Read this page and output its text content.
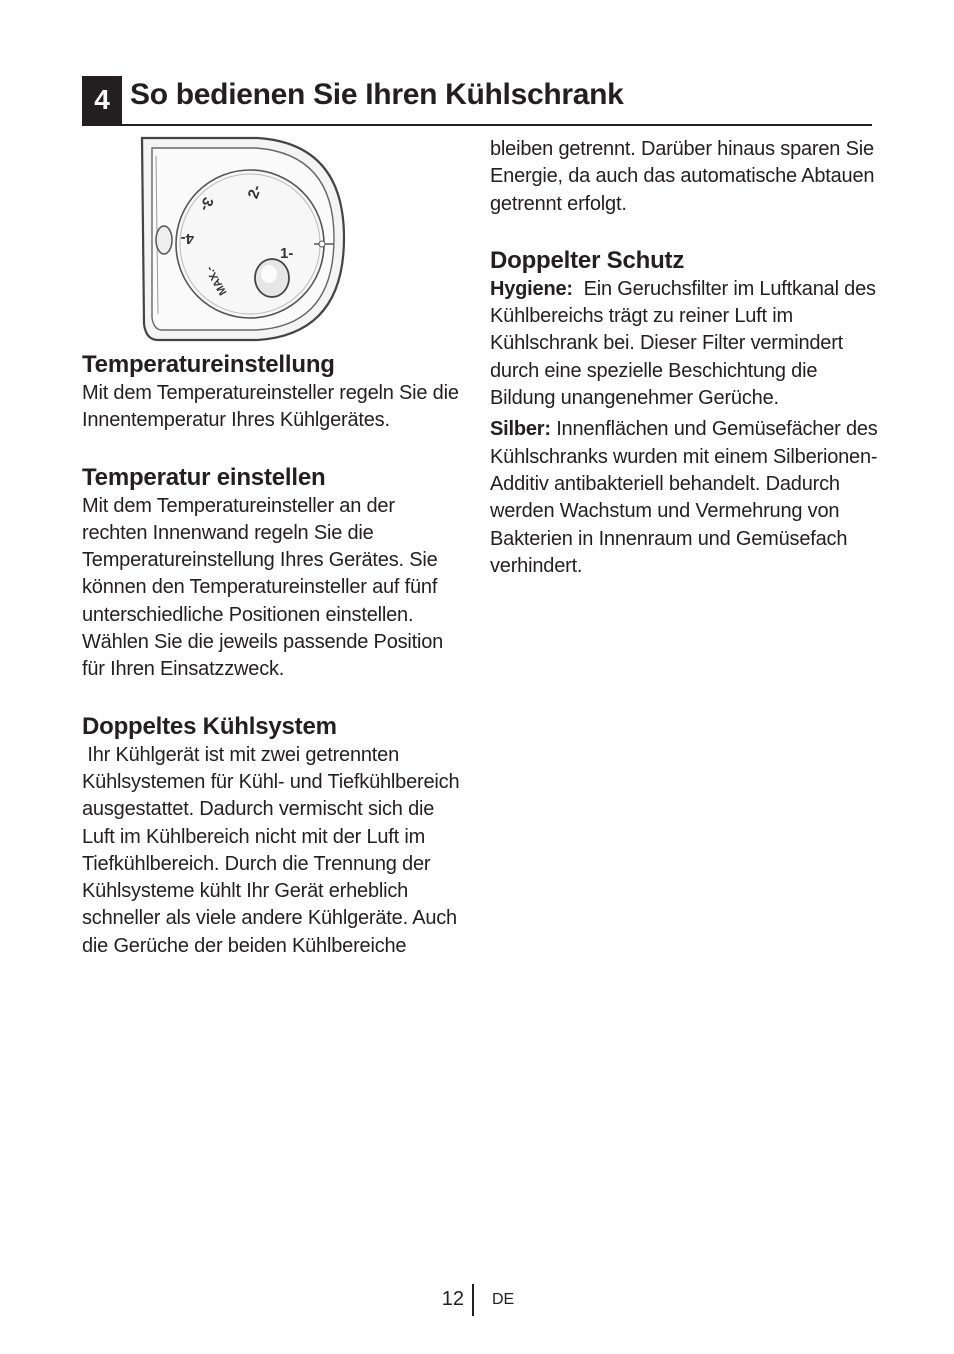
4 So bedienen Sie Ihren Kühlschrank
1-
2-
3-
4-
MAX.-
Temperatureinstellung

Mit dem Temperatureinsteller regeln Sie die Innentemperatur Ihres Kühlgerätes.

Temperatur einstellen

Mit dem Temperatureinsteller an der rechten Innenwand regeln Sie die Temperatureinstellung Ihres Gerätes. Sie können den Temperatureinsteller auf fünf unterschiedliche Positionen einstellen. Wählen Sie die jeweils passende Position für Ihren Einsatzzweck.

Doppeltes Kühlsystem

Ihr Kühlgerät ist mit zwei getrennten Kühlsystemen für Kühl- und Tiefkühlbereich ausgestattet. Dadurch vermischt sich die Luft im Kühlbereich nicht mit der Luft im Tiefkühlbereich. Durch die Trennung der Kühlsysteme kühlt Ihr Gerät erheblich schneller als viele andere Kühlgeräte. Auch die Gerüche der beiden Kühlbereiche

bleiben getrennt. Darüber hinaus sparen Sie Energie, da auch das automatische Abtauen getrennt erfolgt.

Doppelter Schutz

Hygiene:  Ein Geruchsfilter im Luftkanal des Kühlbereichs trägt zu reiner Luft im Kühlschrank bei. Dieser Filter vermindert durch eine spezielle Beschichtung die Bildung unangenehmer Gerüche.

Silber: Innenflächen und Gemüsefächer des Kühlschranks wurden mit einem Silberionen-Additiv antibakteriell behandelt. Dadurch werden Wachstum und Vermehrung von Bakterien in Innenraum und Gemüsefach verhindert.

12 DE
